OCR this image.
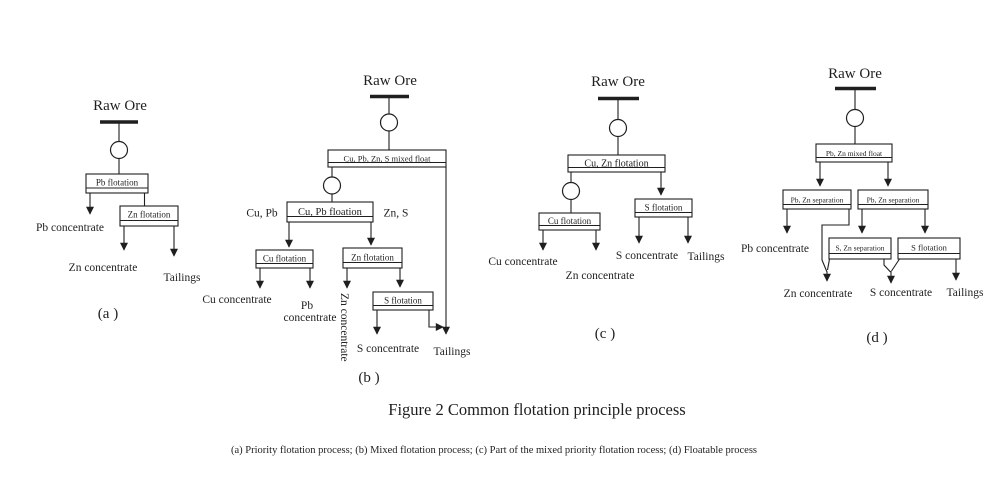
Raw Ore
Pb flotation
Pb concentrate
Zn flotation
Zn concentrate
Tailings
(a )
Raw Ore
Cu, Pb, Zn, S mixed float
Cu, Pb floation
Cu, Pb	Zn, S
Cu flotation	Zn flotation
Cu concentrate	Pb
concentrate Zn concentrate	S flotation
S concentrate Tailings
(b )
Raw Ore
Cu, Zn flotation
Cu flotation
S flotation
Cu concentrate
Zn concentrate
S concentrate Tailings
(c )
Raw Ore
Pb, Zn mixed float
Pb, Zn separation	Pb, Zn separation
Pb concentrate	S, Zn separation	S flotation
Zn concentrate S concentrate Tailings
(d )
Figure 2 Common flotation principle process
(a) Priority flotation process; (b) Mixed flotation process; (c) Part of the mixed priority flotation rocess; (d) Floatable process
